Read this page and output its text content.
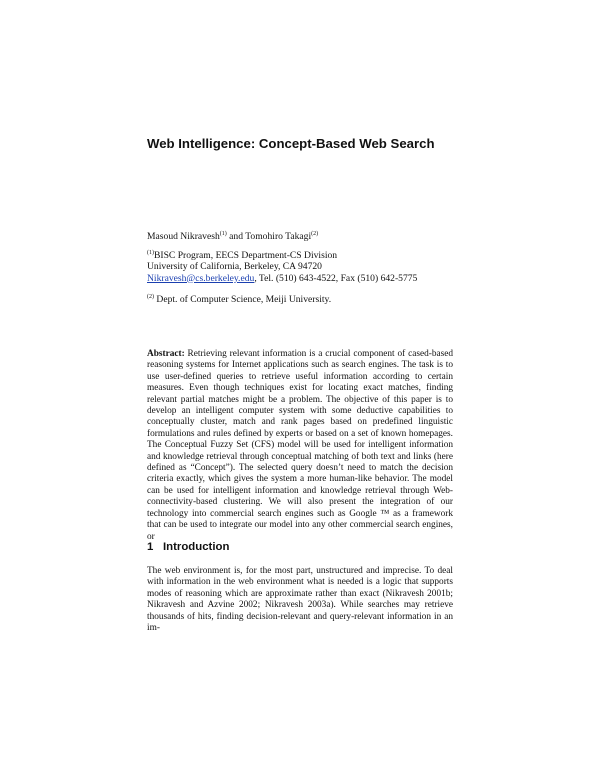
Web Intelligence: Concept-Based Web Search
Masoud Nikravesh$^{(1)}$ and Tomohiro Takagi$^{(2)}$
$^{(1)}$BISC Program, EECS Department-CS Division
University of California, Berkeley, CA 94720
Nikravesh@cs.berkeley.edu, Tel. (510) 643-4522, Fax (510) 642-5775
$^{(2)}$ Dept. of Computer Science, Meiji University.
Abstract: Retrieving relevant information is a crucial component of cased-based reasoning systems for Internet applications such as search engines. The task is to use user-defined queries to retrieve useful information according to certain measures. Even though techniques exist for locating exact matches, finding relevant partial matches might be a problem. The objective of this paper is to develop an intelligent computer system with some deductive capabilities to conceptually cluster, match and rank pages based on predefined linguistic formulations and rules defined by experts or based on a set of known homepages. The Conceptual Fuzzy Set (CFS) model will be used for intelligent information and knowledge retrieval through conceptual matching of both text and links (here defined as “Concept”). The selected query doesn’t need to match the decision criteria exactly, which gives the system a more human-like behavior. The model can be used for intelligent information and knowledge retrieval through Web-connectivity-based clustering. We will also present the integration of our technology into commercial search engines such as Google ™ as a framework that can be used to integrate our model into any other commercial search engines, or
1 Introduction
The web environment is, for the most part, unstructured and imprecise. To deal with information in the web environment what is needed is a logic that supports modes of reasoning which are approximate rather than exact (Nikravesh 2001b; Nikravesh and Azvine 2002; Nikravesh 2003a). While searches may retrieve thousands of hits, finding decision-relevant and query-relevant information in an im-
